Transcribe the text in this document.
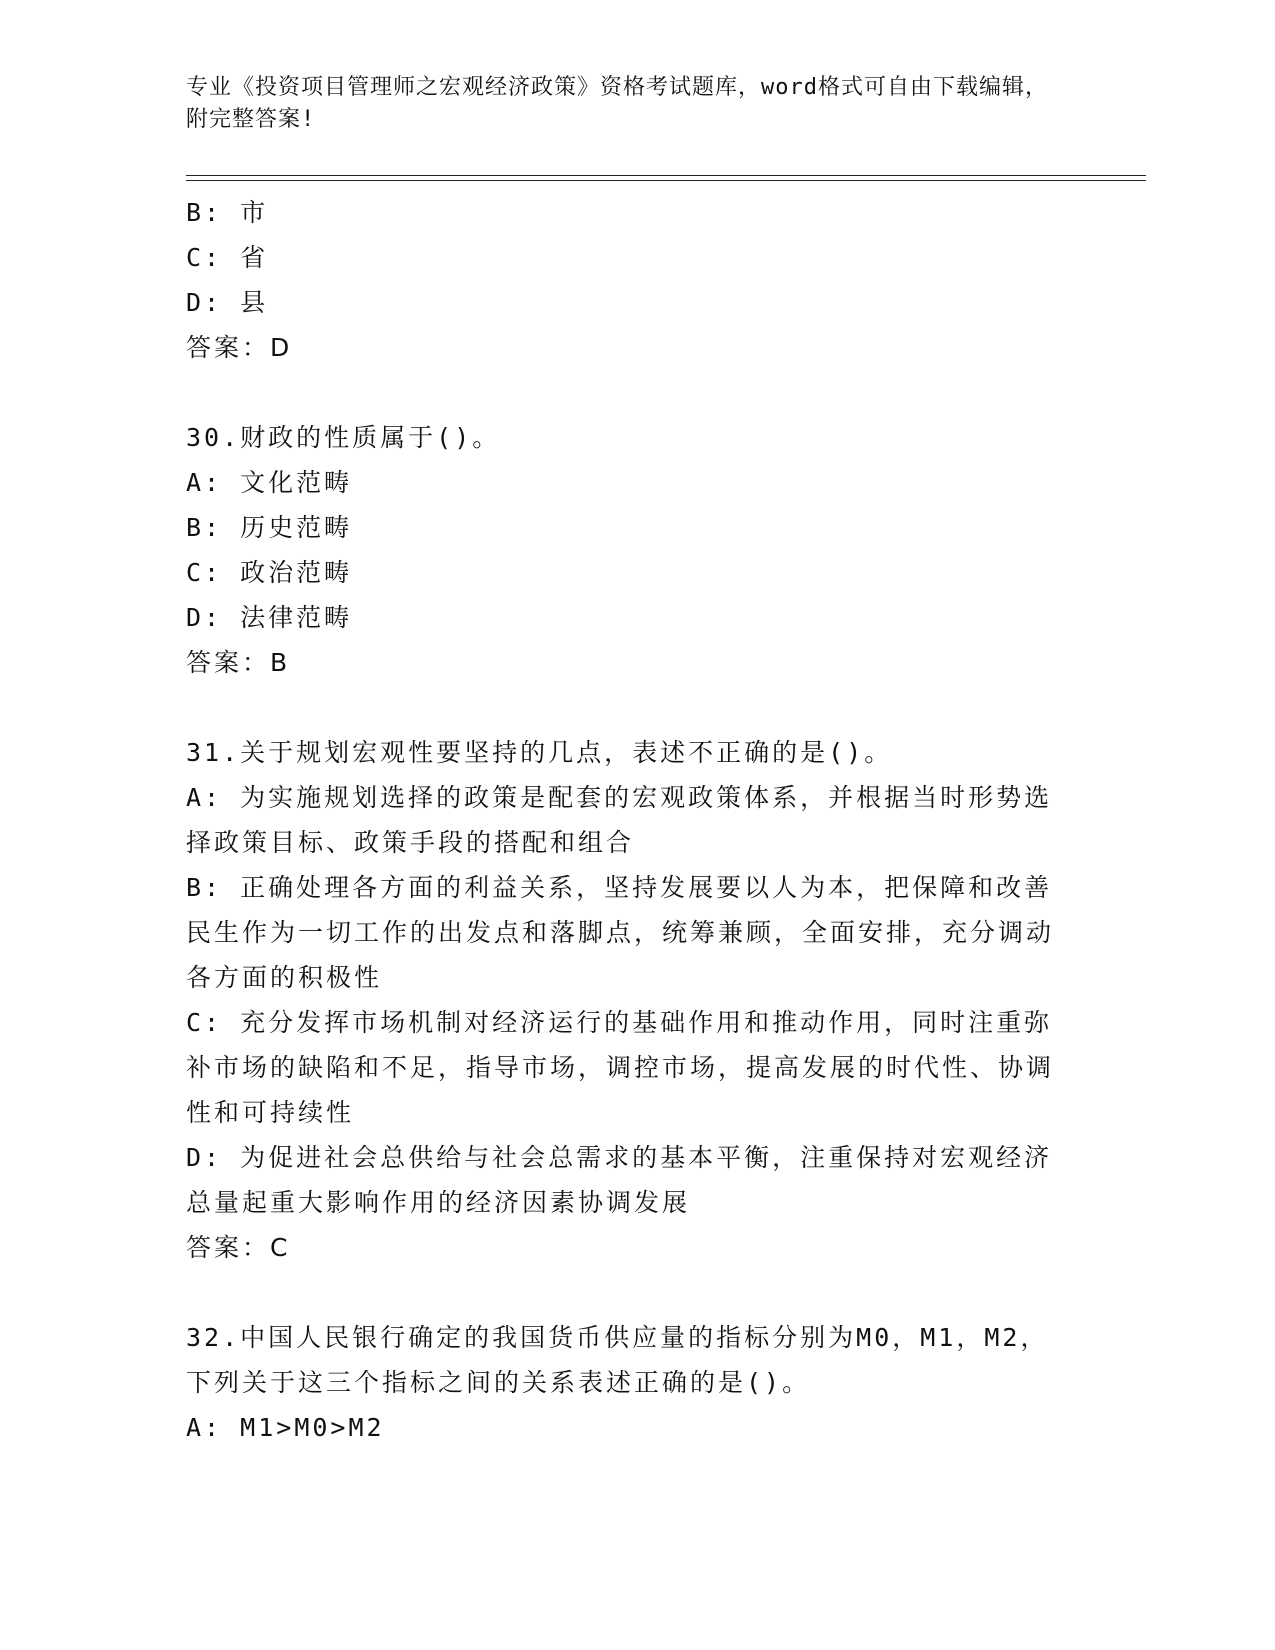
专业《投资项目管理师之宏观经济政策》资格考试题库，word格式可自由下载编辑，附完整答案!
B: 市
C: 省
D: 县
答案：D
30.财政的性质属于()。
A: 文化范畴
B: 历史范畴
C: 政治范畴
D: 法律范畴
答案：B
31.关于规划宏观性要坚持的几点，表述不正确的是()。
A: 为实施规划选择的政策是配套的宏观政策体系，并根据当时形势选择政策目标、政策手段的搭配和组合
B: 正确处理各方面的利益关系，坚持发展要以人为本，把保障和改善民生作为一切工作的出发点和落脚点，统筹兼顾，全面安排，充分调动各方面的积极性
C: 充分发挥市场机制对经济运行的基础作用和推动作用，同时注重弥补市场的缺陷和不足，指导市场，调控市场，提高发展的时代性、协调性和可持续性
D: 为促进社会总供给与社会总需求的基本平衡，注重保持对宏观经济总量起重大影响作用的经济因素协调发展
答案：C
32.中国人民银行确定的我国货币供应量的指标分别为M0，M1，M2，下列关于这三个指标之间的关系表述正确的是()。
A: M1>M0>M2
